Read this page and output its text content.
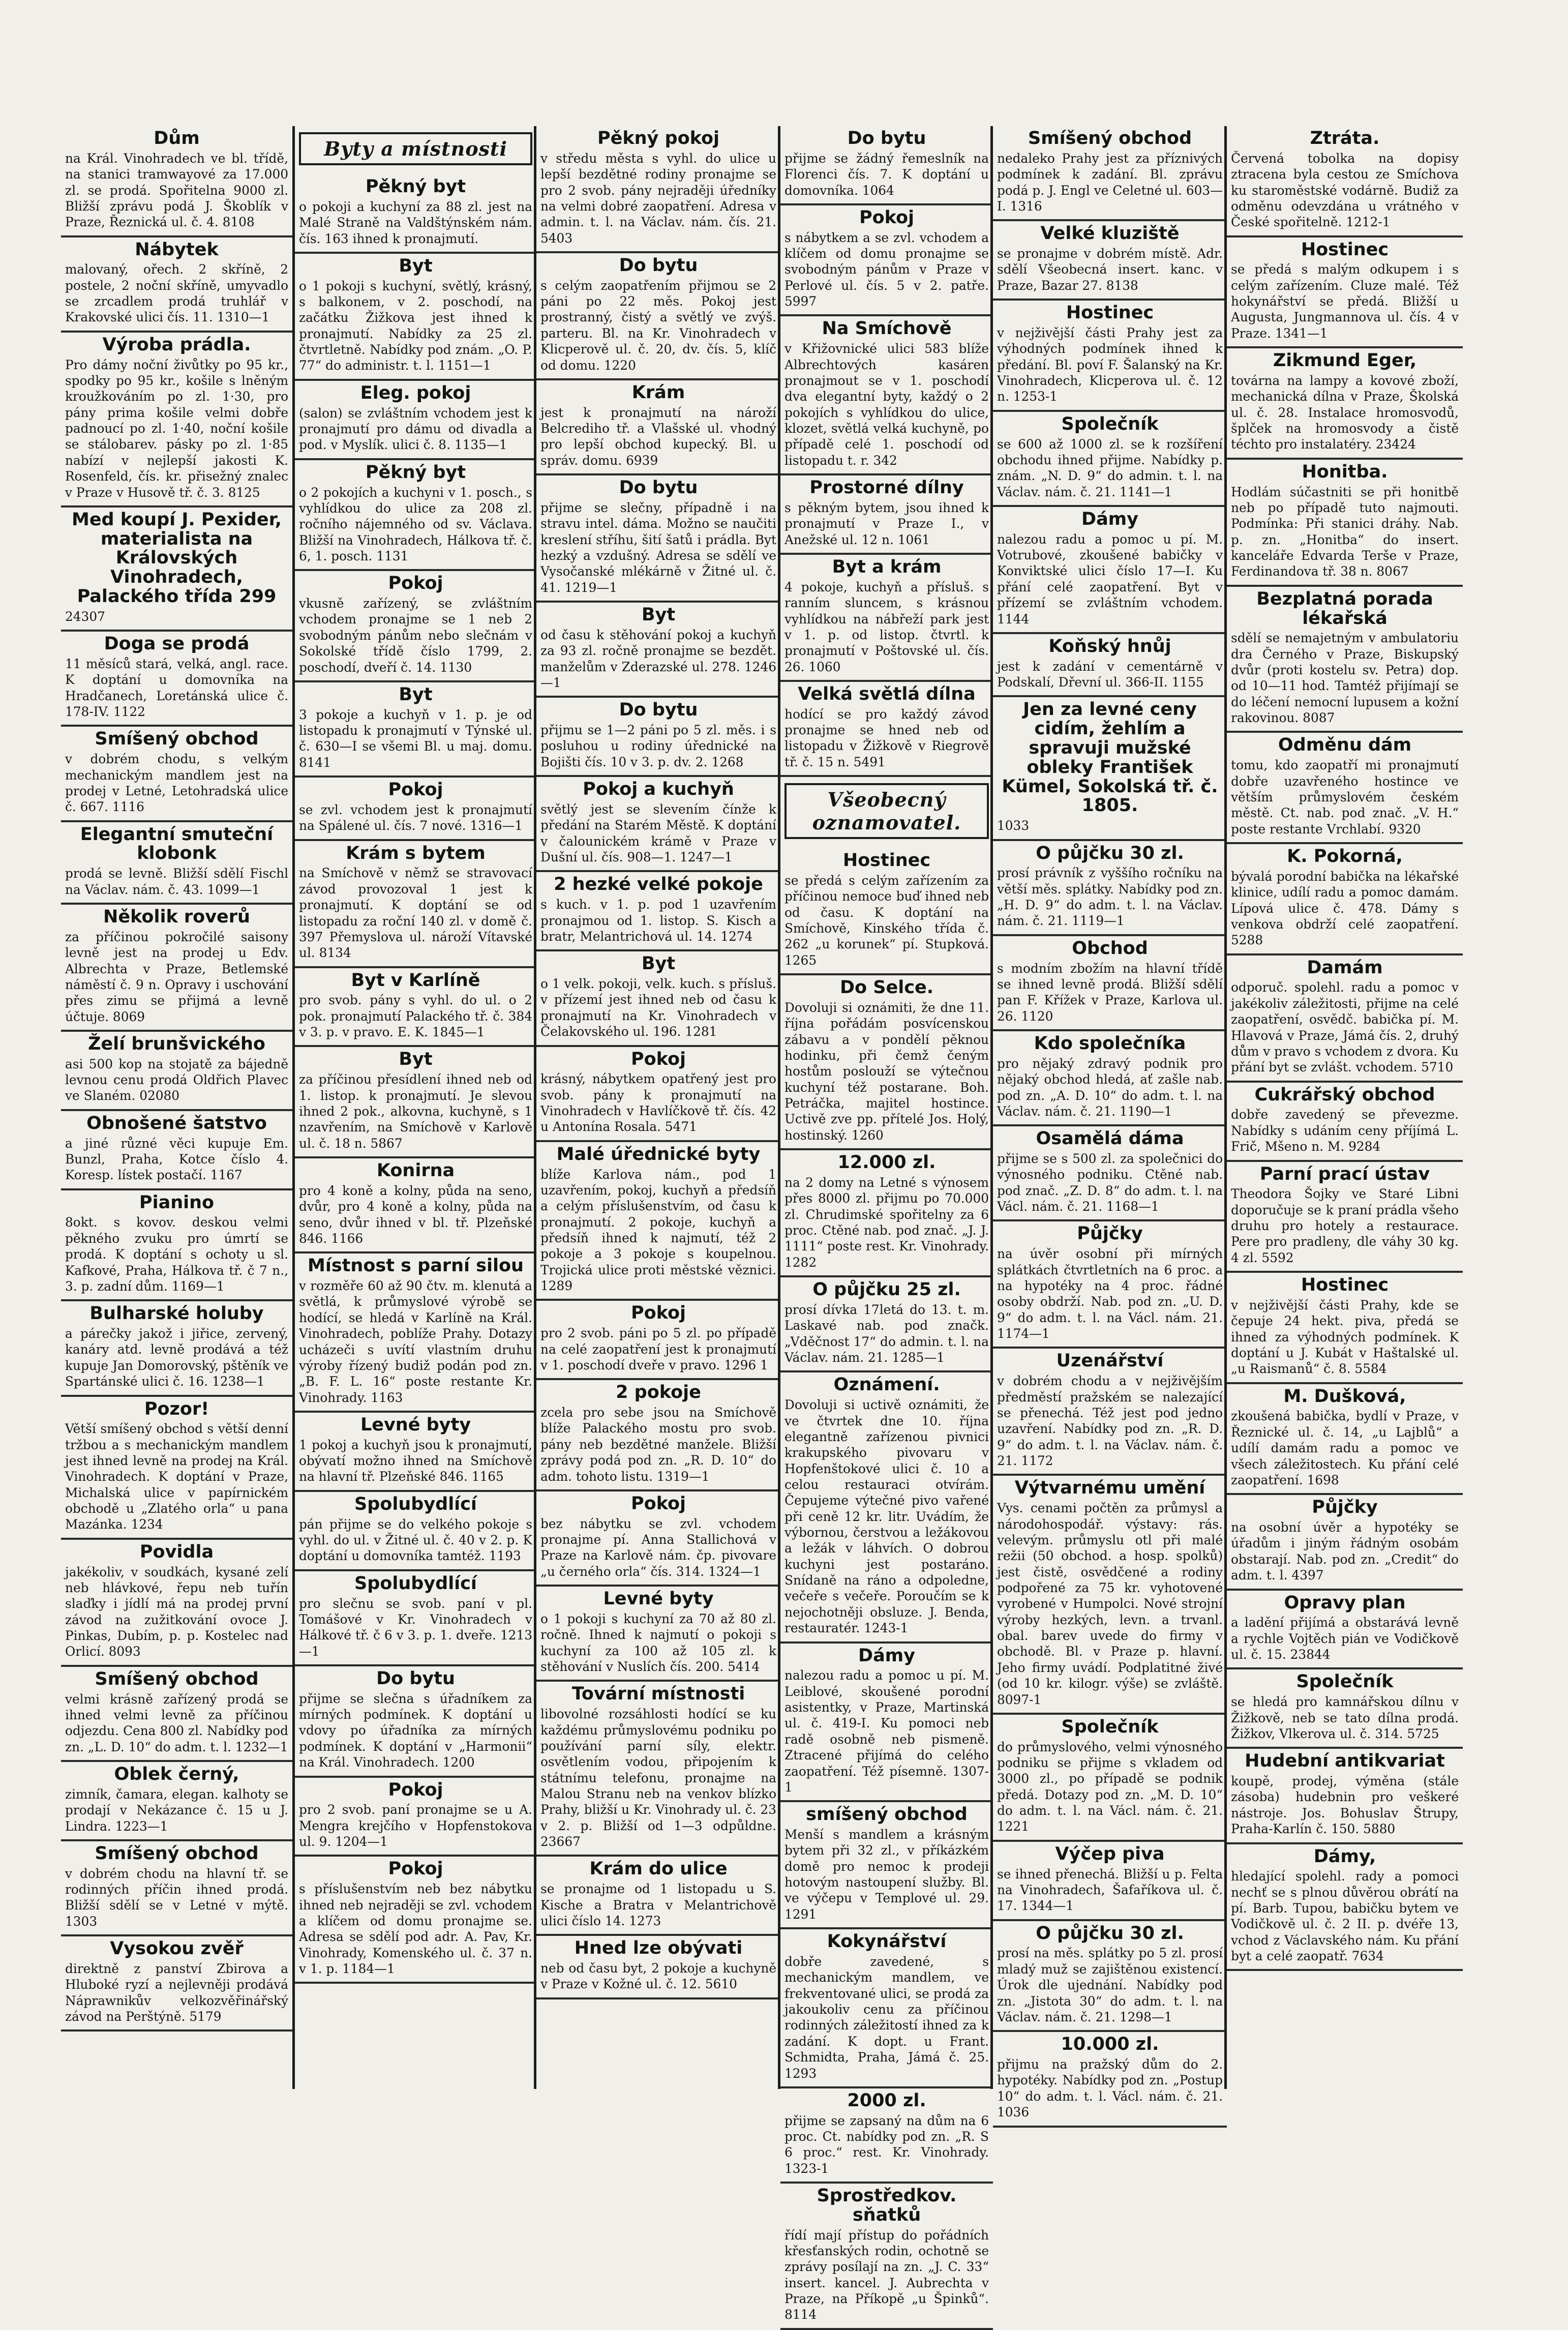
Dům
na Král. Vinohradech ve bl. třídě, na stanici tramwayové za 17.000 zl. se prodá. Spořitelna 9000 zl. Bližší zprávu podá J. Škoblík v Praze, Řeznická ul. č. 4. 8108
Nábytek
malovaný, ořech. 2 skříně, 2 postele, 2 noční skříně, umyvadlo se zrcadlem prodá truhlář v Krakovské ulici čís. 11. 1310—1
Výroba prádla.
Pro dámy noční živůtky po 95 kr., spodky po 95 kr., košile s lněným kroužkováním po zl. 1·30, pro pány prima košile velmi dobře padnoucí po zl. 1·40, noční košile se stálobarev. pásky po zl. 1·85 nabízí v nejlepší jakosti K. Rosenfeld, čís. kr. přisežný znalec v Praze v Husově tř. č. 3. 8125
Med koupí J. Pexider, materialista na Královských Vinohradech, Palackého třída 299
24307
Doga se prodá
11 měsíců stará, velká, angl. race. K doptání u domovníka na Hradčanech, Loretánská ulice č. 178-IV. 1122
Smíšený obchod
v dobrém chodu, s velkým mechanickým mandlem jest na prodej v Letné, Letohradská ulice č. 667. 1116
Elegantní smuteční klobonk
prodá se levně. Bližší sdělí Fischl na Václav. nám. č. 43. 1099—1
Několik roverů
za příčinou pokročilé saisony levně jest na prodej u Edv. Albrechta v Praze, Betlemské náměstí č. 9 n. Opravy i uschování přes zimu se přijmá a levně účtuje. 8069
Želí brunšvického
asi 500 kop na stojatě za bájedně levnou cenu prodá Oldřich Plavec ve Slaném. 02080
Obnošené šatstvo
a jiné různé věci kupuje Em. Bunzl, Praha, Kotce číslo 4. Koresp. lístek postačí. 1167
Pianino
8okt. s kovov. deskou velmi pěkného zvuku pro úmrtí se prodá. K doptání s ochoty u sl. Kafkové, Praha, Hálkova tř. č 7 n., 3. p. zadní dům. 1169—1
Bulharské holuby
a párečky jakož i jiřice, zervený, kanáry atd. levně prodává a též kupuje Jan Domorovský, pštěník ve Spartánské ulici č. 16. 1238—1
Pozor!
Větší smíšený obchod s větší denní tržbou a s mechanickým mandlem jest ihned levně na prodej na Král. Vinohradech. K doptání v Praze, Michalská ulice v papírnickém obchodě u „Zlatého orla“ u pana Mazánka. 1234
Povidla
jakékoliv, v soudkách, kysané zelí neb hlávkové, řepu neb tuřín slaďky i jídlí má na prodej první závod na zužitkování ovoce J. Pinkas, Dubím, p. p. Kostelec nad Orlicí. 8093
Smíšený obchod
velmi krásně zařízený prodá se ihned velmi levně za příčinou odjezdu. Cena 800 zl. Nabídky pod zn. „L. D. 10“ do adm. t. l. 1232—1
Oblek černý,
zimník, čamara, elegan. kalhoty se prodají v Nekázance č. 15 u J. Lindra. 1223—1
Smíšený obchod
v dobrém chodu na hlavní tř. se rodinných příčin ihned prodá. Bližší sdělí se v Letné v mýtě. 1303
Vysokou zvěř
direktně z panství Zbirova a Hluboké ryzí a nejlevněji prodává Náprawnikův velkozvěřinářský závod na Perštýně. 5179
Byty a místnosti
Pěkný byt
o pokoji a kuchyní za 88 zl. jest na Malé Straně na Valdštýnském nám. čís. 163 ihned k pronajmutí.
Byt
o 1 pokoji s kuchyní, světlý, krásný, s balkonem, v 2. poschodí, na začátku Žižkova jest ihned k pronajmutí. Nabídky za 25 zl. čtvrtletně. Nabídky pod znám. „O. P. 77“ do administr. t. l. 1151—1
Eleg. pokoj
(salon) se zvláštním vchodem jest k pronajmutí pro dámu od divadla a pod. v Myslík. ulici č. 8. 1135—1
Pěkný byt
o 2 pokojích a kuchyni v 1. posch., s vyhlídkou do ulice za 208 zl. ročního nájemného od sv. Václava. Bližší na Vinohradech, Hálkova tř. č. 6, 1. posch. 1131
Pokoj
vkusně zařízený, se zvláštním vchodem pronajme se 1 neb 2 svobodným pánům nebo slečnám v Sokolské třídě číslo 1799, 2. poschodí, dveří č. 14. 1130
Byt
3 pokoje a kuchyň v 1. p. je od listopadu k pronajmutí v Týnské ul. č. 630—I se všemi Bl. u maj. domu. 8141
Pokoj
se zvl. vchodem jest k pronajmutí na Spálené ul. čís. 7 nové. 1316—1
Krám s bytem
na Smíchově v němž se stravovací závod provozoval 1 jest k pronajmutí. K doptání se od listopadu za roční 140 zl. v domě č. 397 Přemyslova ul. nároží Vítavské ul. 8134
Byt v Karlíně
pro svob. pány s vyhl. do ul. o 2 pok. pronajmutí Palackého tř. č. 384 v 3. p. v pravo. E. K. 1845—1
Byt
za příčinou přesídlení ihned neb od 1. listop. k pronajmutí. Je slevou ihned 2 pok., alkovna, kuchyně, s 1 nzavřením, na Smíchově v Karlově ul. č. 18 n. 5867
Konirna
pro 4 koně a kolny, půda na seno, dvůr, pro 4 koně a kolny, půda na seno, dvůr ihned v bl. tř. Plzeňské 846. 1166
Místnost s parní silou
v rozměře 60 až 90 čtv. m. klenutá a světlá, k průmyslové výrobě se hodící, se hledá v Karlíně na Král. Vinohradech, poblíže Prahy. Dotazy ucházeči s uvítí vlastním druhu výroby řízený budiž podán pod zn. „B. F. L. 16“ poste restante Kr. Vinohrady. 1163
Levné byty
1 pokoj a kuchyň jsou k pronajmutí, obývatí možno ihned na Smíchově na hlavní tř. Plzeňské 846. 1165
Spolubydlící
pán přijme se do velkého pokoje s vyhl. do ul. v Žitné ul. č. 40 v 2. p. K doptání u domovníka tamtéž. 1193
Spolubydlící
pro slečnu se svob. paní v pl. Tomášové v Kr. Vinohradech v Hálkové tř. č 6 v 3. p. 1. dveře. 1213—1
Do bytu
přijme se slečna s úřadníkem za mírných podmínek. K doptání u vdovy po úřadníka za mírných podmínek. K doptání v „Harmonii“ na Král. Vinohradech. 1200
Pokoj
pro 2 svob. paní pronajme se u A. Mengra krejčího v Hopfenstokova ul. 9. 1204—1
Pokoj
s příslušenstvím neb bez nábytku ihned neb nejraději se zvl. vchodem a klíčem od domu pronajme se. Adresa se sdělí pod adr. A. Pav, Kr. Vinohrady, Komenského ul. č. 37 n. v 1. p. 1184—1
Pěkný pokoj
v středu města s vyhl. do ulice u lepší bezdětné rodiny pronajme se pro 2 svob. pány nejraději úředníky na velmi dobré zaopatření. Adresa v admin. t. l. na Václav. nám. čís. 21. 5403
Do bytu
s celým zaopatřením přijmou se 2 páni po 22 měs. Pokoj jest prostranný, čistý a světlý ve zvýš. parteru. Bl. na Kr. Vinohradech v Klicperově ul. č. 20, dv. čís. 5, klíč od domu. 1220
Krám
jest k pronajmutí na nároží Belcrediho tř. a Vlašské ul. vhodný pro lepší obchod kupecký. Bl. u správ. domu. 6939
Do bytu
přijme se slečny, případně i na stravu intel. dáma. Možno se naučiti kreslení stříhu, šití šatů i prádla. Byt hezký a vzdušný. Adresa se sdělí ve Vysočanské mlékárně v Žitné ul. č. 41. 1219—1
Byt
od času k stěhování pokoj a kuchyň za 93 zl. ročně pronajme se bezdět. manželům v Zderazské ul. 278. 1246—1
Do bytu
přijmu se 1—2 páni po 5 zl. měs. i s posluhou u rodiny úřednické na Bojišti čís. 10 v 3. p. dv. 2. 1268
Pokoj a kuchyň
světlý jest se slevením čínže k předání na Starém Městě. K doptání v čalounickém krámě v Praze v Dušní ul. čís. 908—1. 1247—1
2 hezké velké pokoje
s kuch. v 1. p. pod 1 uzavřením pronajmou od 1. listop. S. Kisch a bratr, Melantrichová ul. 14. 1274
Byt
o 1 velk. pokoji, velk. kuch. s přísluš. v přízemí jest ihned neb od času k pronajmutí na Kr. Vinohradech v Čelakovského ul. 196. 1281
Pokoj
krásný, nábytkem opatřený jest pro svob. pány k pronajmutí na Vinohradech v Havlíčkově tř. čís. 42 u Antonína Rosala. 5471
Malé úřednické byty
blíže Karlova nám., pod 1 uzavřením, pokoj, kuchyň a předsíň a celým příslušenstvím, od času k pronajmutí. 2 pokoje, kuchyň a předsíň ihned k najmutí, též 2 pokoje a 3 pokoje s koupelnou. Trojická ulice proti městské věznici. 1289
Pokoj
pro 2 svob. páni po 5 zl. po případě na celé zaopatření jest k pronajmutí v 1. poschodí dveře v pravo. 1296 1
2 pokoje
zcela pro sebe jsou na Smíchově blíže Palackého mostu pro svob. pány neb bezdětné manžele. Bližší zprávy podá pod zn. „R. D. 10“ do adm. tohoto listu. 1319—1
Pokoj
bez nábytku se zvl. vchodem pronajme pí. Anna Stallichová v Praze na Karlově nám. čp. pivovare „u černého orla“ čís. 314. 1324—1
Levné byty
o 1 pokoji s kuchyní za 70 až 80 zl. ročně. Ihned k najmutí o pokoji s kuchyní za 100 až 105 zl. k stěhování v Nuslích čís. 200. 5414
Tovární místnosti
libovolné rozsáhlosti hodící se ku každému průmyslovému podniku po používání parní síly, elektr. osvětlením vodou, připojením k státnímu telefonu, pronajme na Malou Stranu neb na venkov blízko Prahy, bližší u Kr. Vinohrady ul. č. 23 v 2. p. Bližší od 1—3 odpůldne. 23667
Krám do ulice
se pronajme od 1 listopadu u S. Kische a Bratra v Melantrichově ulici číslo 14. 1273
Hned lze obývati
neb od času byt, 2 pokoje a kuchyně v Praze v Kožné ul. č. 12. 5610
Do bytu
přijme se žádný řemeslník na Florenci čís. 7. K doptání u domovníka. 1064
Pokoj
s nábytkem a se zvl. vchodem a klíčem od domu pronajme se svobodným pánům v Praze v Perlové ul. čís. 5 v 2. patře. 5997
Na Smíchově
v Křižovnické ulici 583 blíže Albrechtových kasáren pronajmout se v 1. poschodí dva elegantní byty, každý o 2 pokojích s vyhlídkou do ulice, klozet, světlá velká kuchyně, po případě celé 1. poschodí od listopadu t. r. 342
Prostorné dílny
s pěkným bytem, jsou ihned k pronajmutí v Praze I., v Anežské ul. 12 n. 1061
Byt a krám
4 pokoje, kuchyň a přísluš. s ranním sluncem, s krásnou vyhlídkou na nábřeží park jest v 1. p. od listop. čtvrtl. k pronajmutí v Poštovské ul. čís. 26. 1060
Velká světlá dílna
hodící se pro každý závod pronajme se hned neb od listopadu v Žižkově v Riegrově tř. č. 15 n. 5491
Všeobecný oznamovatel.
Hostinec
se předá s celým zařízením za příčinou nemoce buď ihned neb od času. K doptání na Smíchově, Kinského třída č. 262 „u korunek“ pí. Stupková. 1265
Do Selce.
Dovoluji si oznámiti, že dne 11. října pořádám posvícenskou zábavu a v pondělí pěknou hodinku, při čemž čeným hostům poslouží se výtečnou kuchyní též postarane. Boh. Petráčka, majitel hostince. Uctivě zve pp. přítelé Jos. Holý, hostinský. 1260
12.000 zl.
na 2 domy na Letné s výnosem přes 8000 zl. přijmu po 70.000 zl. Chrudimské spořitelny za 6 proc. Ctěné nab. pod znač. „J. J. 1111“ poste rest. Kr. Vinohrady. 1282
O půjčku 25 zl.
prosí dívka 17letá do 13. t. m. Laskavé nab. pod značk. „Vděčnost 17“ do admin. t. l. na Václav. nám. 21. 1285—1
Oznámení.
Dovoluji si uctivě oznámiti, že ve čtvrtek dne 10. října elegantně zařízenou pivnici krakupského pivovaru v Hopfenštokové ulici č. 10 a celou restauraci otvírám. Čepujeme výtečné pivo vařené při ceně 12 kr. litr. Uvádím, že výbornou, čerstvou a ležákovou a ležák v láhvích. O dobrou kuchyni jest postaráno. Snídaně na ráno a odpoledne, večeře s večeře. Poroučím se k nejochotněji obsluze. J. Benda, restauratér. 1243-1
Dámy
nalezou radu a pomoc u pí. M. Leiblové, skoušené porodní asistentky, v Praze, Martinská ul. č. 419-I. Ku pomoci neb radě osobně neb pismeně. Ztracené přijímá do celého zaopatření. Též písemně. 1307-1
smíšený obchod
Menší s mandlem a krásným bytem při 32 zl., v příkázkém domě pro nemoc k prodeji hotovým nastoupení služby. Bl. ve výčepu v Templové ul. 29. 1291
Kokynářství
dobře zavedené, s mechanickým mandlem, ve frekventované ulici, se prodá za jakoukoliv cenu za příčinou rodinných záležitostí ihned za k zadání. K dopt. u Frant. Schmidta, Praha, Jámá č. 25. 1293
2000 zl.
přijme se zapsaný na dům na 6 proc. Ct. nabídky pod zn. „R. S 6 proc.“ rest. Kr. Vinohrady. 1323-1
Sprostředkov. sňatků
řídí mají přístup do pořádních křesťanských rodin, ochotně se zprávy posílají na zn. „J. C. 33“ insert. kancel. J. Aubrechta v Praze, na Příkopě „u Špinků“. 8114
Smíšený obchod
nedaleko Prahy jest za příznivých podmínek k zadání. Bl. zprávu podá p. J. Engl ve Celetné ul. 603—I. 1316
Velké kluziště
se pronajme v dobrém místě. Adr. sdělí Všeobecná insert. kanc. v Praze, Bazar 27. 8138
Hostinec
v nejživější části Prahy jest za výhodných podmínek ihned k předání. Bl. poví F. Šalanský na Kr. Vinohradech, Klicperova ul. č. 12 n. 1253-1
Společník
se 600 až 1000 zl. se k rozšíření obchodu ihned přijme. Nabídky p. znám. „N. D. 9“ do admin. t. l. na Václav. nám. č. 21. 1141—1
Dámy
nalezou radu a pomoc u pí. M. Votrubové, zkoušené babičky v Konviktské ulici číslo 17—I. Ku přání celé zaopatření. Byt v přízemí se zvláštním vchodem. 1144
Koňský hnůj
jest k zadání v cementárně v Podskalí, Dřevní ul. 366-II. 1155
Jen za levné ceny cidím, žehlím a spravuji mužské obleky František Kümel, Sokolská tř. č. 1805.
1033
O půjčku 30 zl.
prosí právník z vyššího ročníku na větší měs. splátky. Nabídky pod zn. „H. D. 9“ do adm. t. l. na Václav. nám. č. 21. 1119—1
Obchod
s modním zbožím na hlavní třídě se ihned levně prodá. Bližší sdělí pan F. Křížek v Praze, Karlova ul. 26. 1120
Kdo společníka
pro nějaký zdravý podnik pro nějaký obchod hledá, ať zašle nab. pod zn. „A. D. 10“ do adm. t. l. na Václav. nám. č. 21. 1190—1
Osamělá dáma
přijme se s 500 zl. za společnici do výnosného podniku. Ctěné nab. pod znač. „Z. D. 8“ do adm. t. l. na Václ. nám. č. 21. 1168—1
Půjčky
na úvěr osobní při mírných splátkách čtvrtletních na 6 proc. a na hypotéky na 4 proc. řádné osoby obdrží. Nab. pod zn. „U. D. 9“ do adm. t. l. na Václ. nám. 21. 1174—1
Uzenářství
v dobrém chodu a v nejživějším předměstí pražském se nalezající se přenechá. Též jest pod jedno uzavření. Nabídky pod zn. „R. D. 9“ do adm. t. l. na Václav. nám. č. 21. 1172
Výtvarnému umění
Vys. cenami počtěn za průmysl a národohospodář. výstavy: rás. velevým. průmyslu otl při malé režii (50 obchod. a hosp. spolků) jest čistě, osvědčené a rodiny podpořené za 75 kr. vyhotovené vyrobené v Humpolci. Nové strojní výroby hezkých, levn. a trvanl. obal. barev uvede do firmy v obchodě. Bl. v Praze p. hlavní. Jeho firmy uvádí. Podplatitné živé (od 10 kr. kilogr. výše) se zvláště. 8097-1
Společník
do průmyslového, velmi výnosného podniku se přijme s vkladem od 3000 zl., po případě se podnik předá. Dotazy pod zn. „M. D. 10“ do adm. t. l. na Václ. nám. č. 21. 1221
Výčep piva
se ihned přenechá. Bližší u p. Felta na Vinohradech, Šafaříkova ul. č. 17. 1344—1
O půjčku 30 zl.
prosí na měs. splátky po 5 zl. prosí mladý muž se zajištěnou existencí. Úrok dle ujednání. Nabídky pod zn. „Jistota 30“ do adm. t. l. na Václav. nám. č. 21. 1298—1
10.000 zl.
přijmu na pražský dům do 2. hypotéky. Nabídky pod zn. „Postup 10“ do adm. t. l. Václ. nám. č. 21. 1036
Ztráta.
Červená tobolka na dopisy ztracena byla cestou ze Smíchova ku staroměstské vodárně. Budiž za odměnu odevzdána u vrátného v České spořitelně. 1212-1
Hostinec
se předá s malým odkupem i s celým zařízením. Cluze malé. Též hokynářství se předá. Bližší u Augusta, Jungmannova ul. čís. 4 v Praze. 1341—1
Zikmund Eger,
továrna na lampy a kovové zboží, mechanická dílna v Praze, Školská ul. č. 28. Instalace hromosvodů, šplček na hromosvody a čistě téchto pro instalatéry. 23424
Honitba.
Hodlám súčastniti se při honitbě neb po případě tuto najmouti. Podmínka: Při stanici dráhy. Nab. p. zn. „Honitba“ do insert. kanceláře Edvarda Terše v Praze, Ferdinandova tř. 38 n. 8067
Bezplatná porada lékařská
sdělí se nemajetným v ambulatoriu dra Černého v Praze, Biskupský dvůr (proti kostelu sv. Petra) dop. od 10—11 hod. Tamtéž přijímají se do léčení nemocní lupusem a kožní rakovinou. 8087
Odměnu dám
tomu, kdo zaopatří mi pronajmutí dobře uzavřeného hostince ve větším průmyslovém českém městě. Ct. nab. pod znač. „V. H.“ poste restante Vrchlabí. 9320
K. Pokorná,
bývalá porodní babička na lékařské klinice, udílí radu a pomoc damám. Lípová ulice č. 478. Dámy s venkova obdrží celé zaopatření. 5288
Damám
odporuč. spolehl. radu a pomoc v jakékoliv záležitosti, přijme na celé zaopatření, osvědč. babička pí. M. Hlavová v Praze, Jámá čís. 2, druhý dům v pravo s vchodem z dvora. Ku přání byt se zvlášt. vchodem. 5710
Cukrářský obchod
dobře zavedený se převezme. Nabídky s udáním ceny příjímá L. Frič, Mšeno n. M. 9284
Parní prací ústav
Theodora Šojky ve Staré Libni doporučuje se k praní prádla všeho druhu pro hotely a restaurace. Pere pro pradleny, dle váhy 30 kg. 4 zl. 5592
Hostinec
v nejživější části Prahy, kde se čepuje 24 hekt. piva, předá se ihned za výhodných podmínek. K doptání u J. Kubát v Haštalské ul. „u Raismanů“ č. 8. 5584
M. Dušková,
zkoušená babička, bydlí v Praze, v Řeznické ul. č. 14, „u Lajblů“ a udílí damám radu a pomoc ve všech záležitostech. Ku přání celé zaopatření. 1698
Půjčky
na osobní úvěr a hypotéky se úřadům i jiným řádným osobám obstarají. Nab. pod zn. „Credit“ do adm. t. l. 4397
Opravy plan
a ladění přijímá a obstarává levně a rychle Vojtěch pián ve Vodičkově ul. č. 15. 23844
Společník
se hledá pro kamnářskou dílnu v Žižkově, neb se tato dílna prodá. Žižkov, Vlkerova ul. č. 314. 5725
Hudební antikvariat
koupě, prodej, výměna (stále zásoba) hudebnin pro veškeré nástroje. Jos. Bohuslav Štrupy, Praha-Karlín č. 150. 5880
Dámy,
hledající spolehl. rady a pomoci nechť se s plnou důvěrou obrátí na pí. Barb. Tupou, babičku bytem ve Vodičkově ul. č. 2 II. p. dvéře 13, vchod z Václavského nám. Ku přání byt a celé zaopatř. 7634
